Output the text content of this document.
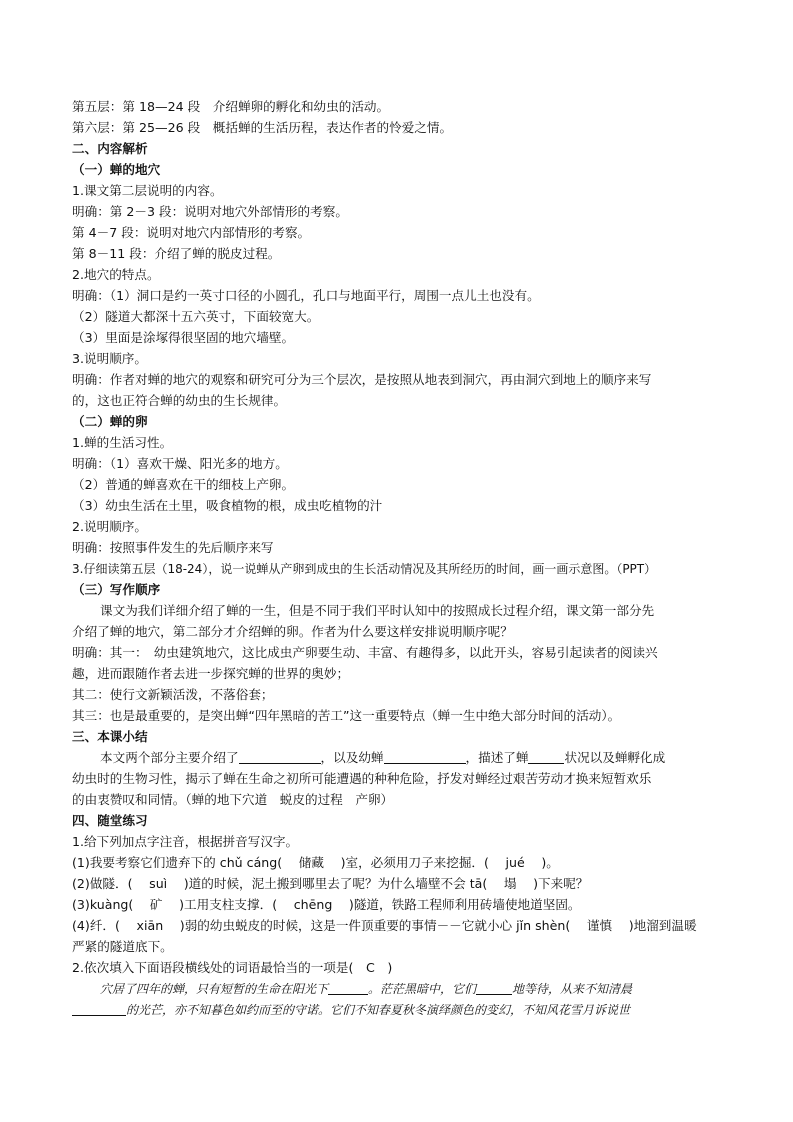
第五层：第 18—24 段　介绍蝉卵的孵化和幼虫的活动。
第六层：第 25—26 段　概括蝉的生活历程，表达作者的怜爱之情。
二、内容解析
（一）蝉的地穴
1.课文第二层说明的内容。
明确：第 2－3 段：说明对地穴外部情形的考察。
第 4－7 段：说明对地穴内部情形的考察。
第 8－11 段：介绍了蝉的脱皮过程。
2.地穴的特点。
明确：（1）洞口是约一英寸口径的小圆孔，孔口与地面平行，周围一点儿土也没有。
（2）隧道大都深十五六英寸，下面较宽大。
（3）里面是涂塚得很坚固的地穴墙壁。
3.说明顺序。
明确：作者对蝉的地穴的观察和研究可分为三个层次，是按照从地表到洞穴，再由洞穴到地上的顺序来写
的，这也正符合蝉的幼虫的生长规律。
（二）蝉的卵
1.蝉的生活习性。
明确：（1）喜欢干燥、阳光多的地方。
（2）普通的蝉喜欢在干的细枝上产卵。
（3）幼虫生活在土里，吸食植物的根，成虫吃植物的汁
2.说明顺序。
明确：按照事件发生的先后顺序来写
3.仔细读第五层（18-24），说一说蝉从产卵到成虫的生长活动情况及其所经历的时间，画一画示意图。（PPT）
（三）写作顺序
课文为我们详细介绍了蝉的一生，但是不同于我们平时认知中的按照成长过程介绍，课文第一部分先
介绍了蝉的地穴，第二部分才介绍蝉的卵。作者为什么要这样安排说明顺序呢？
明确：其一：　幼虫建筑地穴，这比成虫产卵要生动、丰富、有趣得多，以此开头，容易引起读者的阅读兴
趣，进而跟随作者去进一步探究蝉的世界的奥妙；
其二：使行文新颖活泼，不落俗套；
其三：也是最重要的，是突出蝉“四年黑暗的苦工”这一重要特点（蝉一生中绝大部分时间的活动）。
三、本课小结
本文两个部分主要介绍了	，以及幼蝉	，描述了蝉	状况以及蝉孵化成
幼虫时的生物习性，揭示了蝉在生命之初所可能遭遇的种种危险，抒发对蝉经过艰苦劳动才换来短暂欢乐
的由衷赞叹和同情。（蝉的地下穴道　蜕皮的过程　产卵）
四、随堂练习
1.给下列加点字注音，根据拼音写汉字。
(1)我要考察它们遗弃下的 chǔ cáng(　 储藏　 )室，必须用刀子来挖掘．(　 jué　 )。
(2)做隧．(　 suì　 )道的时候，泥土搬到哪里去了呢？为什么墙壁不会 tā(　 塌　 )下来呢？
(3)kuàng(　 矿　 )工用支柱支撑．(　 chēng　 )隧道，铁路工程师利用砖墙使地道坚固。
(4)纤．(　 xiān　 )弱的幼虫蜕皮的时候，这是一件顶重要的事情－－它就小心 jǐn shèn(　 谨慎　 )地溜到温暖
严紧的隧道底下。
2.依次填入下面语段横线处的词语最恰当的一项是(　C　)
穴居了四年的蝉，只有短暂的生命在阳光下	。茫茫黑暗中，它们	地等待，从来不知清晨
的光芒，亦不知暮色如约而至的守诺。它们不知春夏秋冬演绎颜色的变幻，不知风花雪月诉说世
